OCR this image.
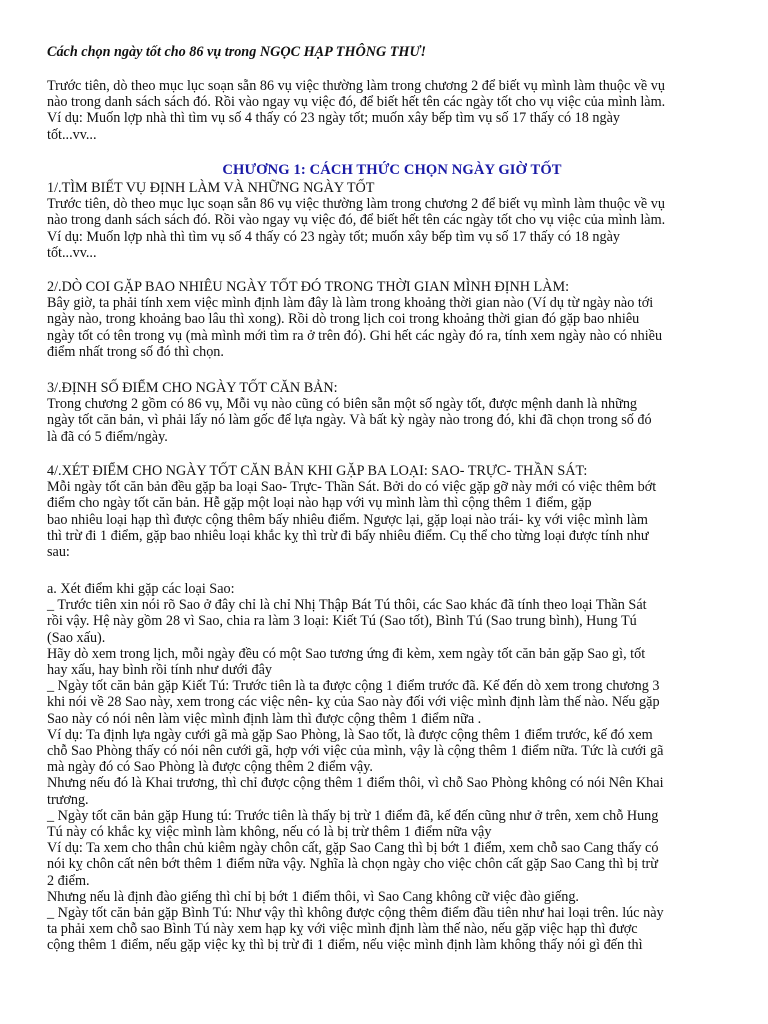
Cách chọn ngày tốt cho 86 vụ trong NGỌC HẠP THÔNG THƯ!
Trước tiên, dò theo mục lục soạn sẵn 86 vụ việc thường làm trong chương 2 để biết vụ mình làm thuộc về vụ
nào trong danh sách sách đó. Rồi vào ngay vụ việc đó, để biết hết tên các ngày tốt cho vụ việc của mình làm.
Ví dụ: Muốn lợp nhà thì tìm vụ số 4 thấy có 23 ngày tốt; muốn xây bếp tìm vụ số 17 thấy có 18 ngày
tốt...vv...
CHƯƠNG 1: CÁCH THỨC CHỌN NGÀY GIỜ TỐT
1/.TÌM BIẾT VỤ ĐỊNH LÀM VÀ NHỮNG NGÀY TỐT
Trước tiên, dò theo mục lục soạn sẵn 86 vụ việc thường làm trong chương 2 để biết vụ mình làm thuộc về vụ
nào trong danh sách sách đó. Rồi vào ngay vụ việc đó, để biết hết tên các ngày tốt cho vụ việc của mình làm.
Ví dụ: Muốn lợp nhà thì tìm vụ số 4 thấy có 23 ngày tốt; muốn xây bếp tìm vụ số 17 thấy có 18 ngày
tốt...vv...
2/.DÒ COI GẶP BAO NHIÊU NGÀY TỐT ĐÓ TRONG THỜI GIAN MÌNH ĐỊNH LÀM:
Bây giờ, ta phải tính xem việc mình định làm đây là làm trong khoảng thời gian nào (Ví dụ từ ngày nào tới
ngày nào, trong khoảng bao lâu thì xong). Rồi dò trong lịch coi trong khoảng thời gian đó gặp bao nhiêu
ngày tốt có tên trong vụ (mà mình mới tìm ra ở trên đó). Ghi hết các ngày đó ra, tính xem ngày nào có nhiều
điểm nhất trong số đó thì chọn.
3/.ĐỊNH SỐ ĐIỂM CHO NGÀY TỐT CĂN BẢN:
Trong chương 2 gồm có 86 vụ, Mỗi vụ nào cũng có biên sẵn một số ngày tốt, được mệnh danh là những
ngày tốt căn bản, vì phải lấy nó làm gốc để lựa ngày. Và bất kỳ ngày nào trong đó, khi đã chọn trong số đó
là đã có 5 điểm/ngày.
4/.XÉT ĐIỂM CHO NGÀY TỐT CĂN BẢN KHI GẶP BA LOẠI: SAO- TRỰC- THẦN SÁT:
Mỗi ngày tốt căn bản đều gặp ba loại Sao- Trực- Thần Sát. Bởi do có việc gặp gỡ này mới có việc thêm bớt
điểm cho ngày tốt căn bản. Hễ gặp một loại nào hạp với vụ mình làm thì cộng thêm 1 điểm, gặp
bao nhiêu loại hạp thì được cộng thêm bấy nhiêu điểm. Ngược lại, gặp loại nào trái- kỵ với việc mình làm
thì trừ đi 1 điểm, gặp bao nhiêu loại khắc kỵ thì trừ đi bấy nhiêu điểm. Cụ thể cho từng loại được tính như
sau:
a. Xét điểm khi gặp các loại Sao:
_ Trước tiên xin nói rõ Sao ở đây chỉ là chỉ Nhị Thập Bát Tú thôi, các Sao khác đã tính theo loại Thần Sát
rồi vậy. Hệ này gồm 28 vì Sao, chia ra làm 3 loại: Kiết Tú (Sao tốt), Bình Tú (Sao trung bình), Hung Tú
(Sao xấu).
Hãy dò xem trong lịch, mỗi ngày đều có một Sao tương ứng đi kèm, xem ngày tốt căn bản gặp Sao gì, tốt
hay xấu, hay bình rồi tính như dưới đây
_ Ngày tốt căn bản gặp Kiết Tú: Trước tiên là ta được cộng 1 điểm trước đã. Kế đến dò xem trong chương 3
khi nói về 28 Sao này, xem trong các việc nên- kỵ của Sao này đối với việc mình định làm thế nào. Nếu gặp
Sao này có nói nên làm việc mình định làm thì được cộng thêm 1 điểm nữa .
Ví dụ: Ta định lựa ngày cưới gã mà gặp Sao Phòng, là Sao tốt, là được cộng thêm 1 điểm trước, kế đó xem
chỗ Sao Phòng thấy có nói nên cưới gã, hợp với việc của mình, vậy là cộng thêm 1 điểm nữa. Tức là cưới gã
mà ngày đó có Sao Phòng là được cộng thêm 2 điểm vậy.
Nhưng nếu đó là Khai trương, thì chỉ được cộng thêm 1 điểm thôi, vì chỗ Sao Phòng không có nói Nên Khai
trương.
_ Ngày tốt căn bản gặp Hung tú: Trước tiên là thấy bị trừ 1 điểm đã, kế đến cũng như ở trên, xem chỗ Hung
Tú này có khắc kỵ việc mình làm không, nếu có là bị trừ thêm 1 điểm nữa vậy
Ví dụ: Ta xem cho thân chủ kiêm ngày chôn cất, gặp Sao Cang thì bị bớt 1 điểm, xem chỗ sao Cang thấy có
nói kỵ chôn cất nên bớt thêm 1 điểm nữa vậy. Nghĩa là chọn ngày cho việc chôn cất gặp Sao Cang thì bị trừ
2 điểm.
Nhưng nếu là định đào giếng thì chỉ bị bớt 1 điểm thôi, vì Sao Cang không cữ việc đào giếng.
_ Ngày tốt căn bản gặp Bình Tú: Như vậy thì không được cộng thêm điểm đầu tiên như hai loại trên. lúc này
ta phải xem chỗ sao Bình Tú này xem hạp kỵ với việc mình định làm thế nào, nếu gặp việc hạp thì được
cộng thêm 1 điểm, nếu gặp việc kỵ thì bị trừ đi 1 điểm, nếu việc mình định làm không thấy nói gì đến thì
